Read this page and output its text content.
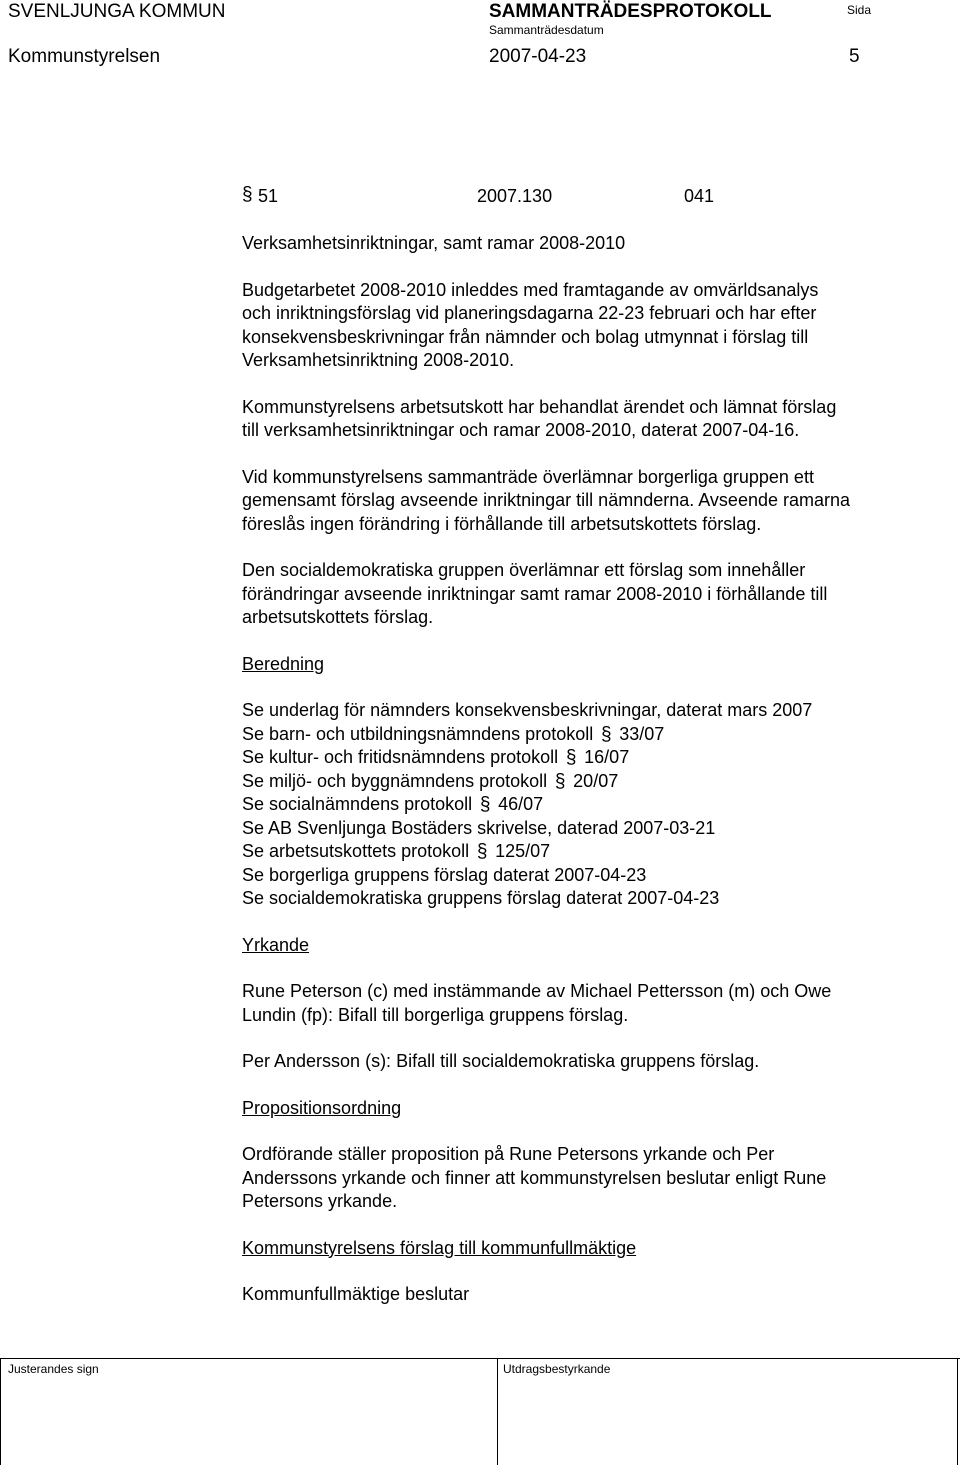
SVENLJUNGA KOMMUN	SAMMANTRÄDESPROTOKOLL	Sida
Sammanträdesdatum
Kommunstyrelsen	2007-04-23	5
§ 51	2007.130	041

Verksamhetsinriktningar, samt ramar 2008-2010

Budgetarbetet 2008-2010 inleddes med framtagande av omvärldsanalys

och inriktningsförslag vid planeringsdagarna 22-23 februari och har efter

konsekvensbeskrivningar från nämnder och bolag utmynnat i förslag till

Verksamhetsinriktning 2008-2010.

Kommunstyrelsens arbetsutskott har behandlat ärendet och lämnat förslag

till verksamhetsinriktningar och ramar 2008-2010, daterat 2007-04-16.

Vid kommunstyrelsens sammanträde överlämnar borgerliga gruppen ett

gemensamt förslag avseende inriktningar till nämnderna. Avseende ramarna

föreslås ingen förändring i förhållande till arbetsutskottets förslag.

Den socialdemokratiska gruppen överlämnar ett förslag som innehåller

förändringar avseende inriktningar samt ramar 2008-2010 i förhållande till

arbetsutskottets förslag.

Beredning

Se underlag för nämnders konsekvensbeskrivningar, daterat mars 2007

Se barn- och utbildningsnämndens protokoll § 33/07

Se kultur- och fritidsnämndens protokoll § 16/07

Se miljö- och byggnämndens protokoll § 20/07

Se socialnämndens protokoll § 46/07

Se AB Svenljunga Bostäders skrivelse, daterad 2007-03-21

Se arbetsutskottets protokoll § 125/07

Se borgerliga gruppens förslag daterat 2007-04-23

Se socialdemokratiska gruppens förslag daterat 2007-04-23

Yrkande

Rune Peterson (c) med instämmande av Michael Pettersson (m) och Owe

Lundin (fp): Bifall till borgerliga gruppens förslag.

Per Andersson (s): Bifall till socialdemokratiska gruppens förslag.

Propositionsordning

Ordförande ställer proposition på Rune Petersons yrkande och Per

Anderssons yrkande och finner att kommunstyrelsen beslutar enligt Rune

Petersons yrkande.

Kommunstyrelsens förslag till kommunfullmäktige

Kommunfullmäktige beslutar

Justerandes sign	Utdragsbestyrkande
